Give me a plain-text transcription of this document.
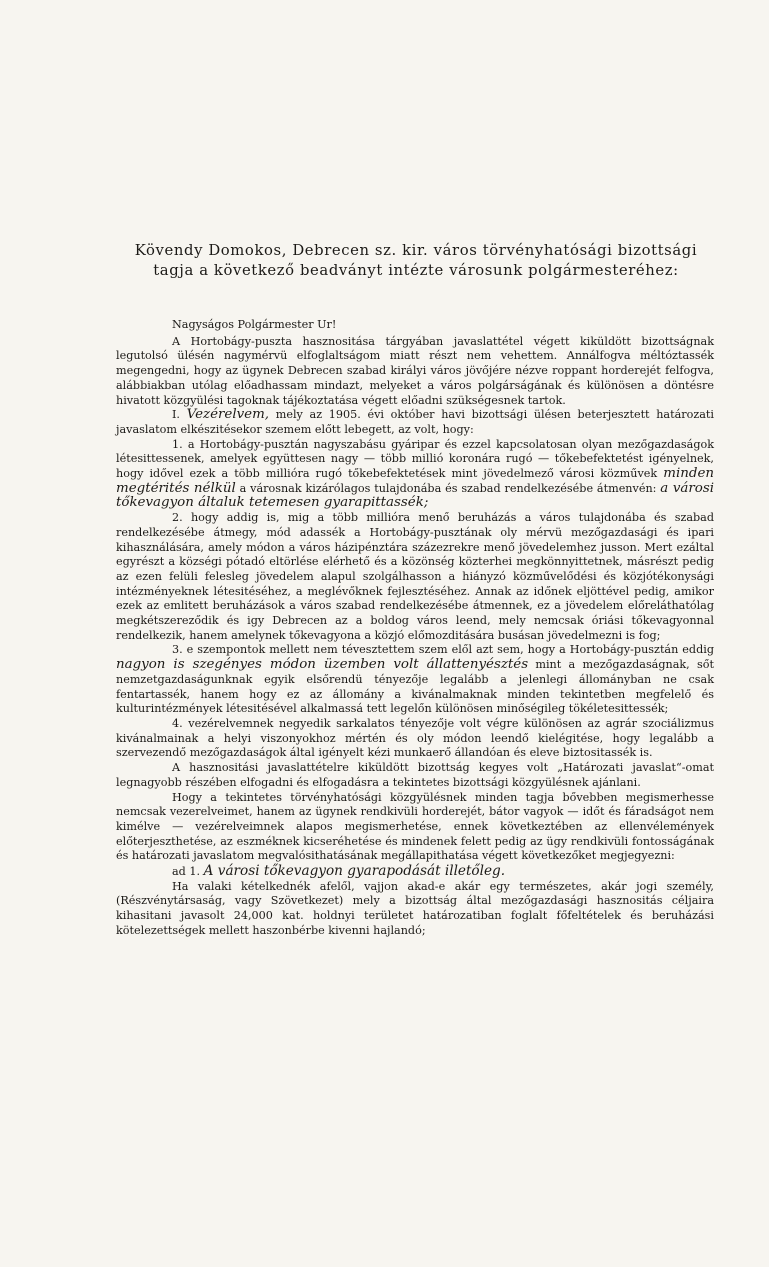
Kövendy Domokos, Debrecen sz. kir. város törvényhatósági bizottsági
tagja a következő beadványt intézte városunk polgármesteréhez:

Nagyságos Polgármester Ur!

A Hortobágy-puszta hasznositása tárgyában javaslattétel végett kiküldött bizottságnak legutolsó ülésén nagymérvü elfoglaltságom miatt részt nem vehettem. Annálfogva méltóztassék megengedni, hogy az ügynek Debrecen szabad királyi város jövőjére nézve roppant horderejét felfogva, alábbiakban utólag előadhassam mindazt, melyeket a város polgárságának és különösen a döntésre hivatott közgyülési tagoknak tájékoztatása végett előadni szükségesnek tartok.

I. Vezérelvem, mely az 1905. évi október havi bizottsági ülésen beterjesztett határozati javaslatom elkészitésekor szemem előtt lebegett, az volt, hogy:

1. a Hortobágy-pusztán nagyszabásu gyáripar és ezzel kapcsolatosan olyan mezőgazdaságok létesittessenek, amelyek együttesen nagy — több millió koronára rugó — tőkebefektetést igényelnek, hogy idővel ezek a több millióra rugó tőkebefektetések mint jövedelmező városi közművek minden megtérités nélkül a városnak kizárólagos tulajdonába és szabad rendelkezésébe átmenvén: a városi tőkevagyon általuk tetemesen gyarapittassék;

2. hogy addig is, mig a több millióra menő beruházás a város tulajdonába és szabad rendelkezésébe átmegy, mód adassék a Hortobágy-pusztának oly mérvü mezőgazdasági és ipari kihasználására, amely módon a város házipénztára százezrekre menő jövedelemhez jusson. Mert ezáltal egyrészt a községi pótadó eltörlése elérhető és a közönség közterhei megkönnyittetnek, másrészt pedig az ezen felüli felesleg jövedelem alapul szolgálhasson a hiányzó közművelődési és közjótékonysági intézményeknek létesitéséhez, a meglévőknek fejlesztéséhez. Annak az időnek eljöttével pedig, amikor ezek az emlitett beruházások a város szabad rendelkezésébe átmennek, ez a jövedelem előreláthatólag megkétszereződik és igy Debrecen az a boldog város leend, mely nemcsak óriási tőkevagyonnal rendelkezik, hanem amelynek tőkevagyona a közjó előmozditására busásan jövedelmezni is fog;

3. e szempontok mellett nem tévesztettem szem elől azt sem, hogy a Hortobágy-pusztán eddig nagyon is szegényes módon üzemben volt állattenyésztés mint a mezőgazdaságnak, sőt nemzetgazdaságunknak egyik elsőrendü tényezője legalább a jelenlegi állományban ne csak fentartassék, hanem hogy ez az állomány a kivánalmaknak minden tekintetben megfelelő és kulturintézmények létesitésével alkalmassá tett legelőn különösen minőségileg tökéletesittessék;

4. vezérelvemnek negyedik sarkalatos tényezője volt végre különösen az agrár szociálizmus kivánalmainak a helyi viszonyokhoz mértén és oly módon leendő kielégitése, hogy legalább a szervezendő mezőgazdaságok által igényelt kézi munkaerő állandóan és eleve biztositassék is.

A hasznositási javaslattételre kiküldött bizottság kegyes volt „Határozati javaslat“-omat legnagyobb részében elfogadni és elfogadásra a tekintetes bizottsági közgyülésnek ajánlani.

Hogy a tekintetes törvényhatósági közgyülésnek minden tagja bővebben megismerhesse nemcsak vezerelveimet, hanem az ügynek rendkivüli horderejét, bátor vagyok — időt és fáradságot nem kimélve — vezérelveimnek alapos megismerhetése, ennek következtében az ellenvélemények előterjeszthetése, az eszméknek kicseréhetése és mindenek felett pedig az ügy rendkivüli fontosságának és határozati javaslatom megvalósithatásának megállapithatása végett következőket megjegyezni:

ad 1. A városi tőkevagyon gyarapodását illetőleg.

Ha valaki kételkednék afelől, vajjon akad-e akár egy természetes, akár jogi személy, (Részvénytársaság, vagy Szövetkezet) mely a bizottság által mezőgazdasági hasznositás céljaira kihasitani javasolt 24,000 kat. holdnyi területet határozatiban foglalt főfeltételek és beruházási kötelezettségek mellett haszonbérbe kivenni hajlandó;
